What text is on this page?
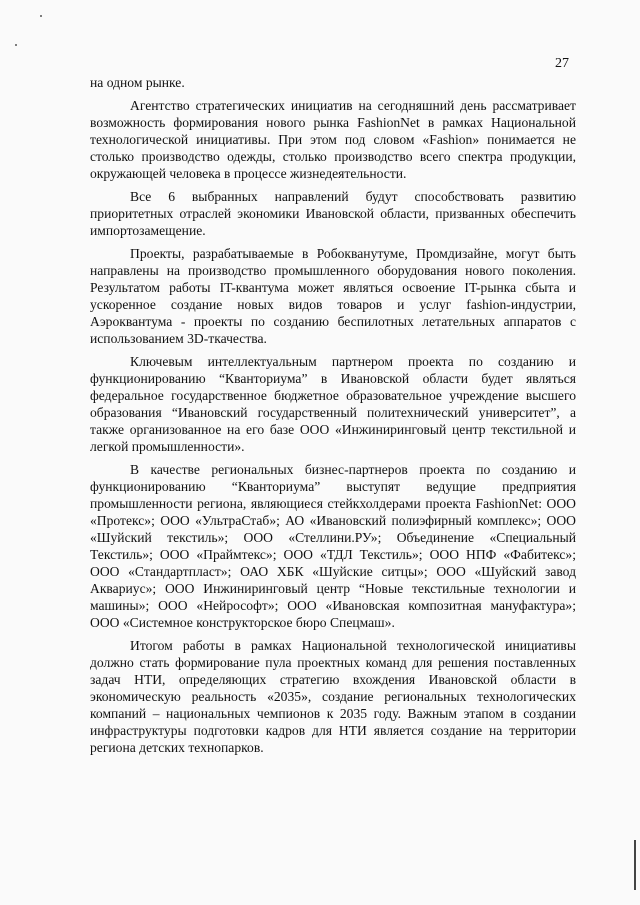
27

на одном рынке.

Агентство стратегических инициатив на сегодняшний день рассматривает возможность формирования нового рынка FashionNet в рамках Национальной технологической инициативы. При этом под словом «Fashion» понимается не столько производство одежды, столько производство всего спектра продукции, окружающей человека в процессе жизнедеятельности.

Все 6 выбранных направлений будут способствовать развитию приоритетных отраслей экономики Ивановской области, призванных обеспечить импортозамещение.

Проекты, разрабатываемые в Робокванутуме, Промдизайне, могут быть направлены на производство промышленного оборудования нового поколения. Результатом работы IT-квантума может являться освоение IT-рынка сбыта и ускоренное создание новых видов товаров и услуг fashion-индустрии, Аэроквантума - проекты по созданию беспилотных летательных аппаратов с использованием 3D-ткачества.

Ключевым интеллектуальным партнером проекта по созданию и функционированию “Кванториума” в Ивановской области будет являться федеральное государственное бюджетное образовательное учреждение высшего образования “Ивановский государственный политехнический университет”, а также организованное на его базе ООО «Инжиниринговый центр текстильной и легкой промышленности».

В качестве региональных бизнес-партнеров проекта по созданию и функционированию “Кванториума” выступят ведущие предприятия промышленности региона, являющиеся стейкхолдерами проекта FashionNet: ООО «Протекс»; ООО «УльтраСтаб»; АО «Ивановский полиэфирный комплекс»; ООО «Шуйский текстиль»; ООО «Стеллини.РУ»; Объединение «Специальный Текстиль»; ООО «Праймтекс»; ООО «ТДЛ Текстиль»; ООО НПФ «Фабитекс»; ООО «Стандартпласт»; ОАО ХБК «Шуйские ситцы»; ООО «Шуйский завод Аквариус»; ООО Инжиниринговый центр “Новые текстильные технологии и машины»; ООО «Нейрософт»; ООО «Ивановская композитная мануфактура»; ООО «Системное конструкторское бюро Спецмаш».

Итогом работы в рамках Национальной технологической инициативы должно стать формирование пула проектных команд для решения поставленных задач НТИ, определяющих стратегию вхождения Ивановской области в экономическую реальность «2035», создание региональных технологических компаний – национальных чемпионов к 2035 году. Важным этапом в создании инфраструктуры подготовки кадров для НТИ является создание на территории региона детских технопарков.
